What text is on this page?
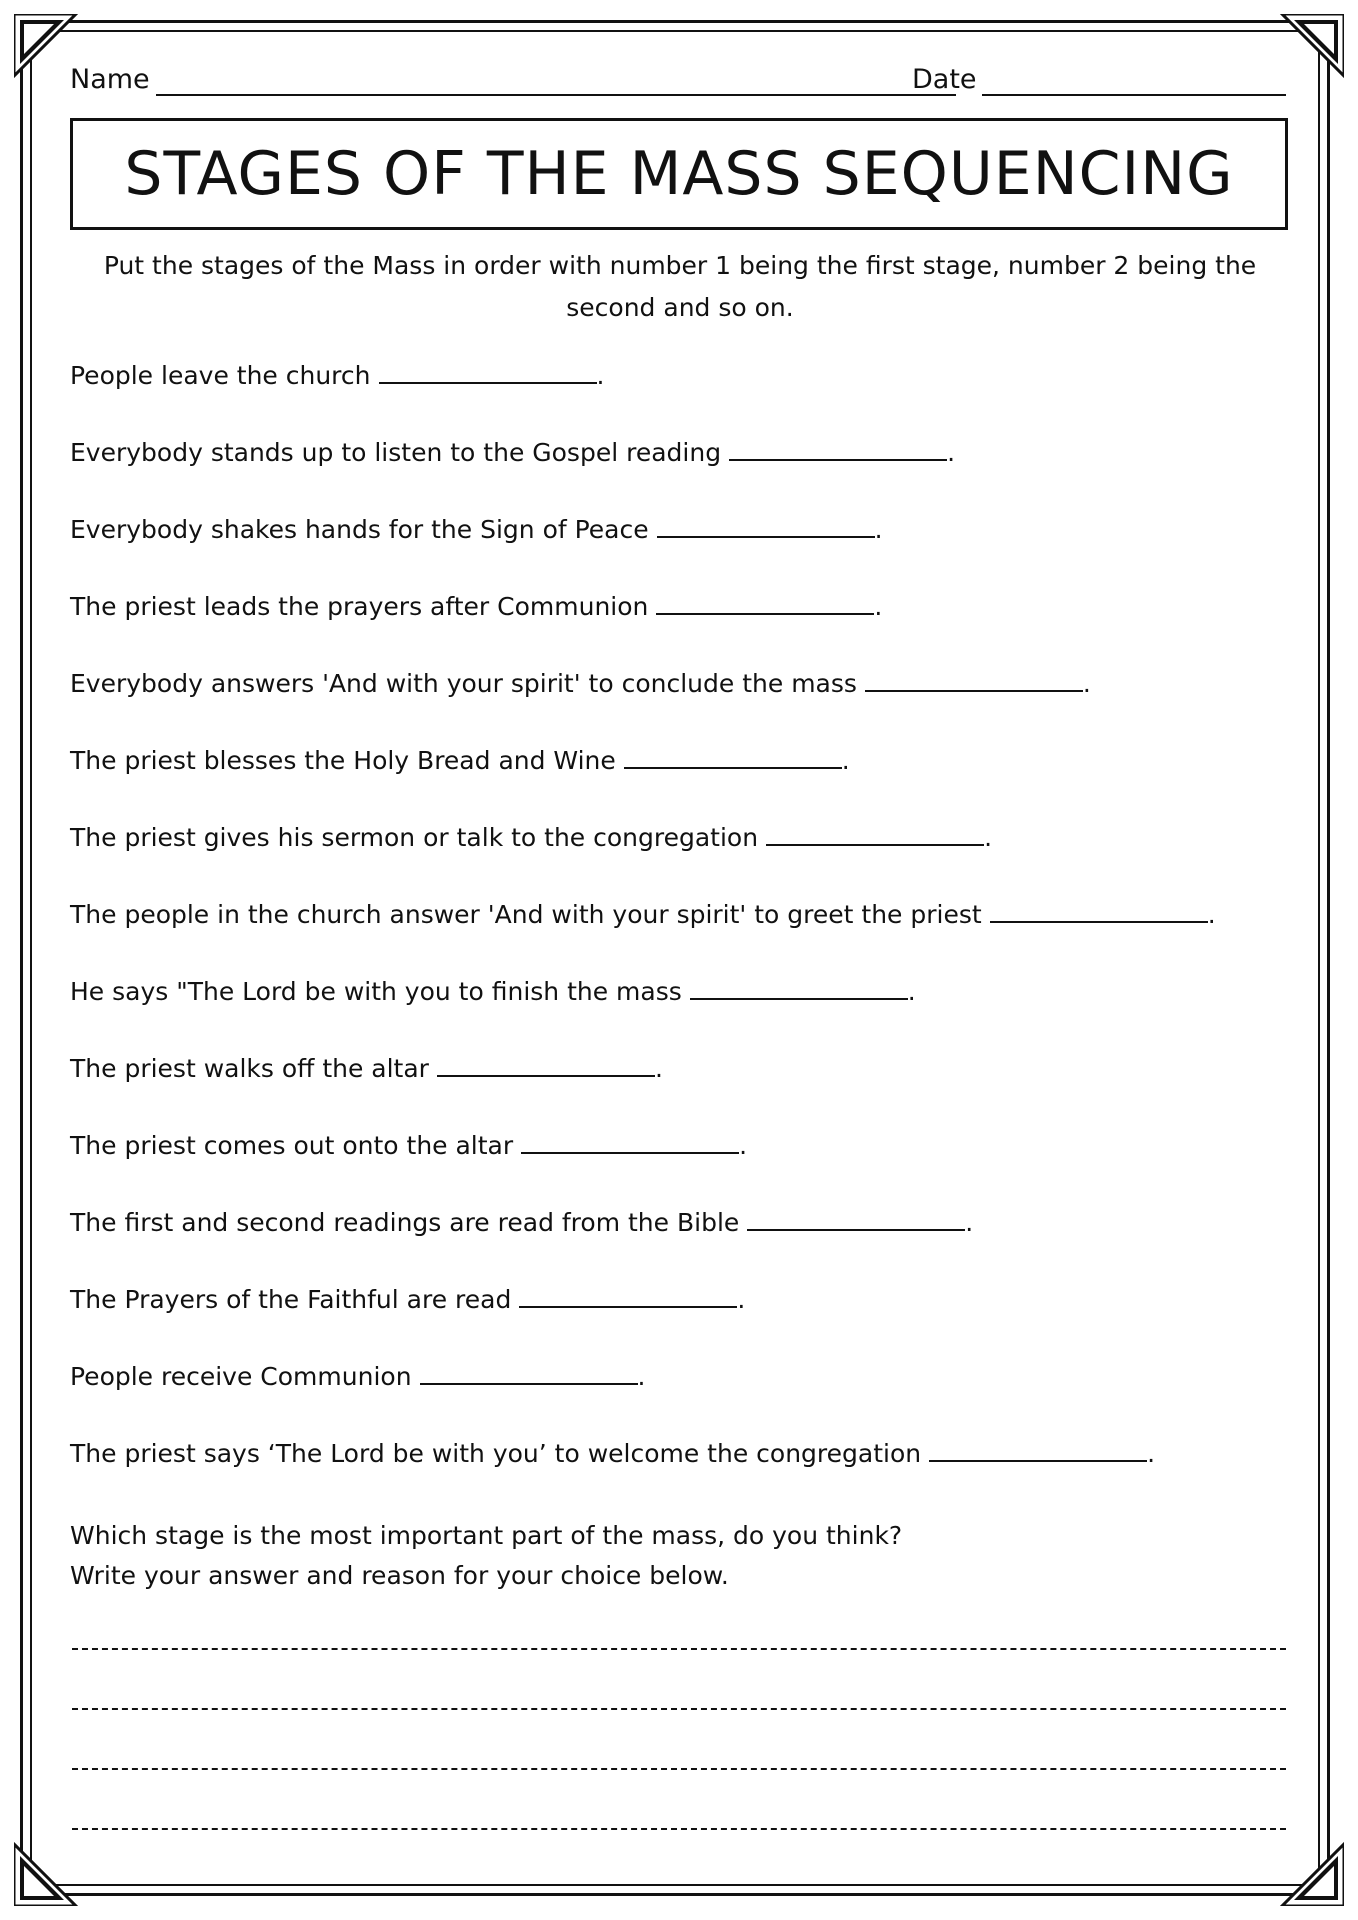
Name	Date
STAGES OF THE MASS SEQUENCING
Put the stages of the Mass in order with number 1 being the first stage, number 2 being the second and so on.
People leave the church	.
Everybody stands up to listen to the Gospel reading	.
Everybody shakes hands for the Sign of Peace	.
The priest leads the prayers after Communion	.
Everybody answers 'And with your spirit' to conclude the mass	.
The priest blesses the Holy Bread and Wine	.
The priest gives his sermon or talk to the congregation	.
The people in the church answer 'And with your spirit' to greet the priest	.
He says "The Lord be with you to finish the mass	.
The priest walks off the altar	.
The priest comes out onto the altar	.
The first and second readings are read from the Bible	.
The Prayers of the Faithful are read	.
People receive Communion	.
The priest says ‘The Lord be with you’ to welcome the congregation	.
Which stage is the most important part of the mass, do you think?
Write your answer and reason for your choice below.
